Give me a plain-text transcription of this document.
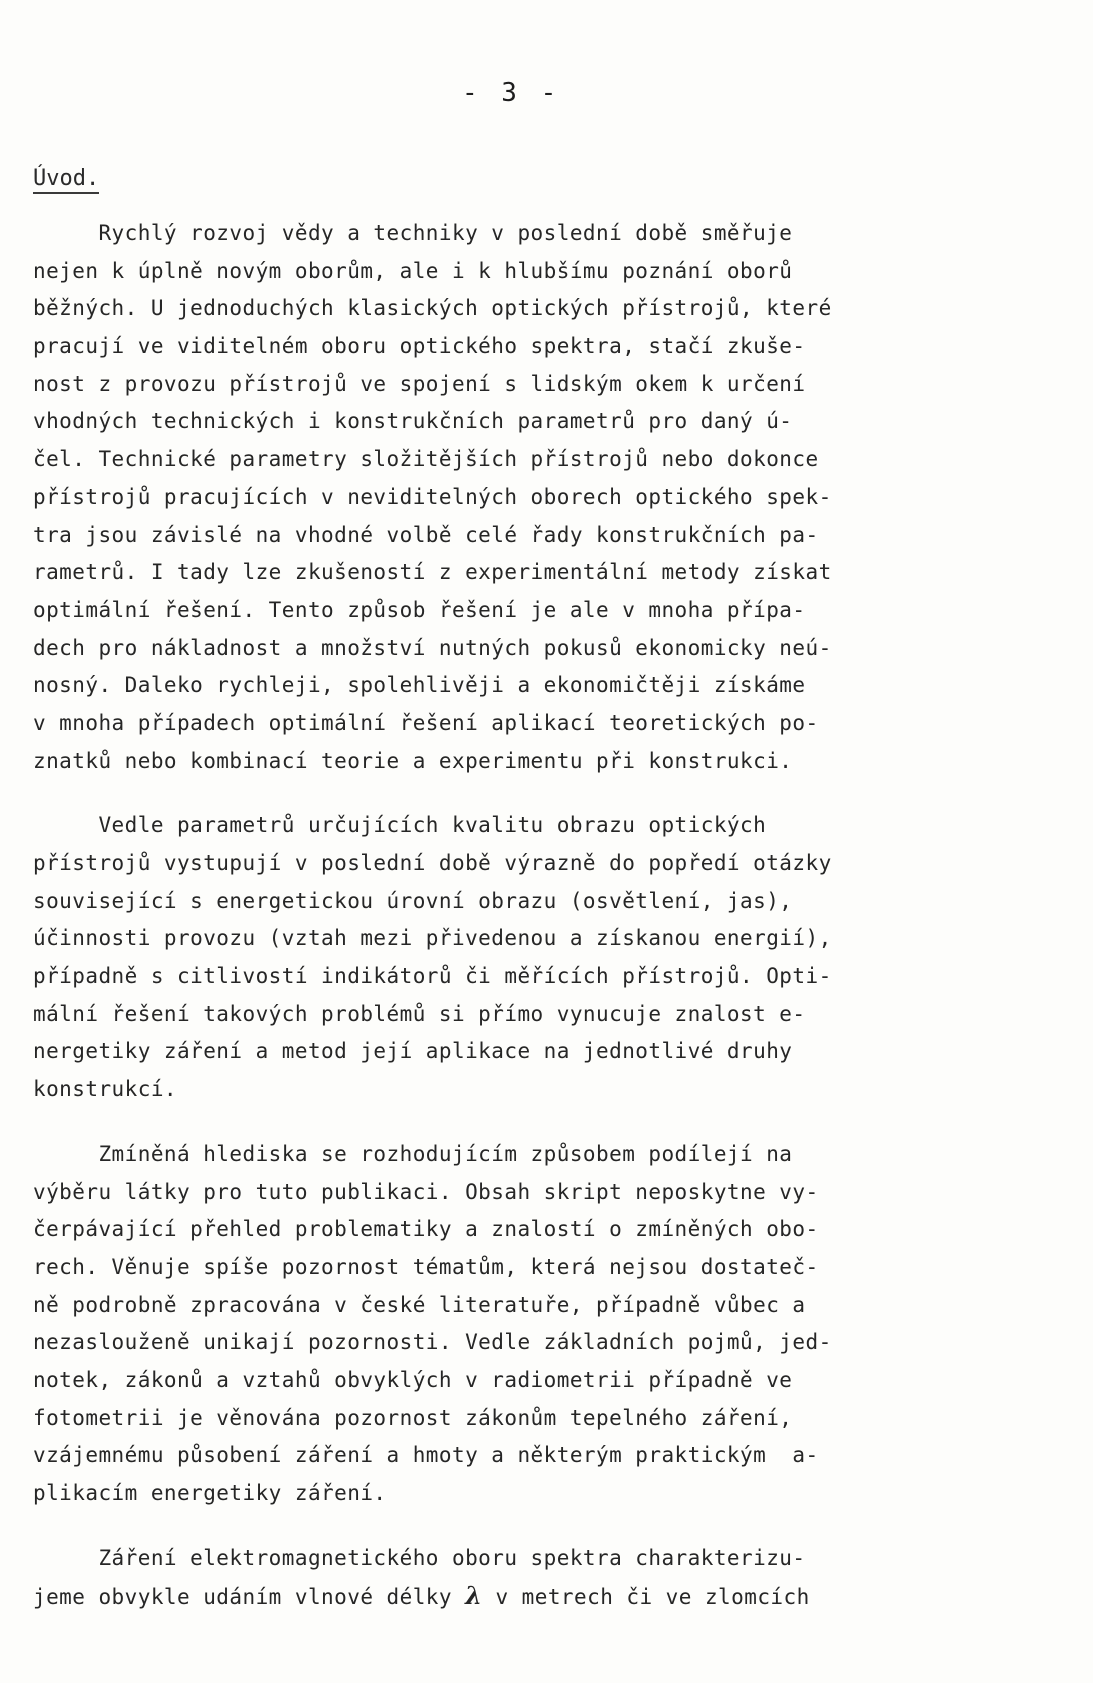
- 3 -
Úvod.
Rychlý rozvoj vědy a techniky v poslední době směřuje
nejen k úplně novým oborům, ale i k hlubšímu poznání oborů
běžných. U jednoduchých klasických optických přístrojů, které
pracují ve viditelném oboru optického spektra, stačí zkuše-
nost z provozu přístrojů ve spojení s lidským okem k určení
vhodných technických i konstrukčních parametrů pro daný ú-
čel. Technické parametry složitějších přístrojů nebo dokonce
přístrojů pracujících v neviditelných oborech optického spek-
tra jsou závislé na vhodné volbě celé řady konstrukčních pa-
rametrů. I tady lze zkušeností z experimentální metody získat
optimální řešení. Tento způsob řešení je ale v mnoha přípa-
dech pro nákladnost a množství nutných pokusů ekonomicky neú-
nosný. Daleko rychleji, spolehlivěji a ekonomičtěji získáme
v mnoha případech optimální řešení aplikací teoretických po-
znatků nebo kombinací teorie a experimentu při konstrukci.
Vedle parametrů určujících kvalitu obrazu optických
přístrojů vystupují v poslední době výrazně do popředí otázky
související s energetickou úrovní obrazu (osvětlení, jas),
účinnosti provozu (vztah mezi přivedenou a získanou energií),
případně s citlivostí indikátorů či měřících přístrojů. Opti-
mální řešení takových problémů si přímo vynucuje znalost e-
nergetiky záření a metod její aplikace na jednotlivé druhy
konstrukcí.
Zmíněná hlediska se rozhodujícím způsobem podílejí na
výběru látky pro tuto publikaci. Obsah skript neposkytne vy-
čerpávající přehled problematiky a znalostí o zmíněných obo-
rech. Věnuje spíše pozornost tématům, která nejsou dostateč-
ně podrobně zpracována v české literatuře, případně vůbec a
nezaslouženě unikají pozornosti. Vedle základních pojmů, jed-
notek, zákonů a vztahů obvyklých v radiometrii případně ve
fotometrii je věnována pozornost zákonům tepelného záření,
vzájemnému působení záření a hmoty a některým praktickým  a-
plikacím energetiky záření.
Záření elektromagnetického oboru spektra charakterizu-
jeme obvykle udáním vlnové délky λ v metrech či ve zlomcích
